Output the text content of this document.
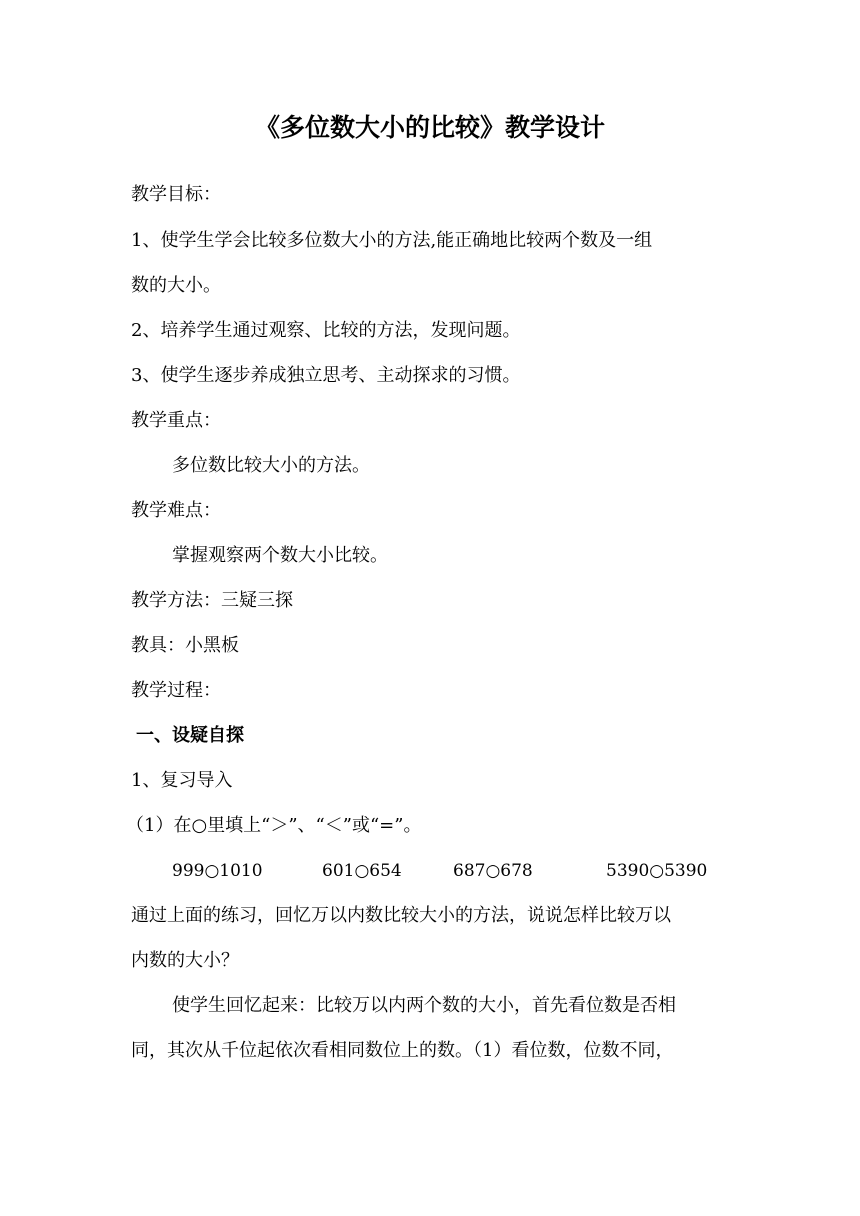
《多位数大小的比较》教学设计
教学目标：
1、使学生学会比较多位数大小的方法,能正确地比较两个数及一组
数的大小。
2、培养学生通过观察、比较的方法，发现问题。
3、使学生逐步养成独立思考、主动探求的习惯。
教学重点：
多位数比较大小的方法。
教学难点：
掌握观察两个数大小比较。
教学方法：三疑三探
教具：小黑板
教学过程：
一、设疑自探
1、复习导入
（1）在○里填上“＞”、“＜”或“=”。
999○1010	601○654	687○678	5390○5390
通过上面的练习，回忆万以内数比较大小的方法，说说怎样比较万以
内数的大小？
使学生回忆起来：比较万以内两个数的大小，首先看位数是否相
同，其次从千位起依次看相同数位上的数。（1）看位数，位数不同，
